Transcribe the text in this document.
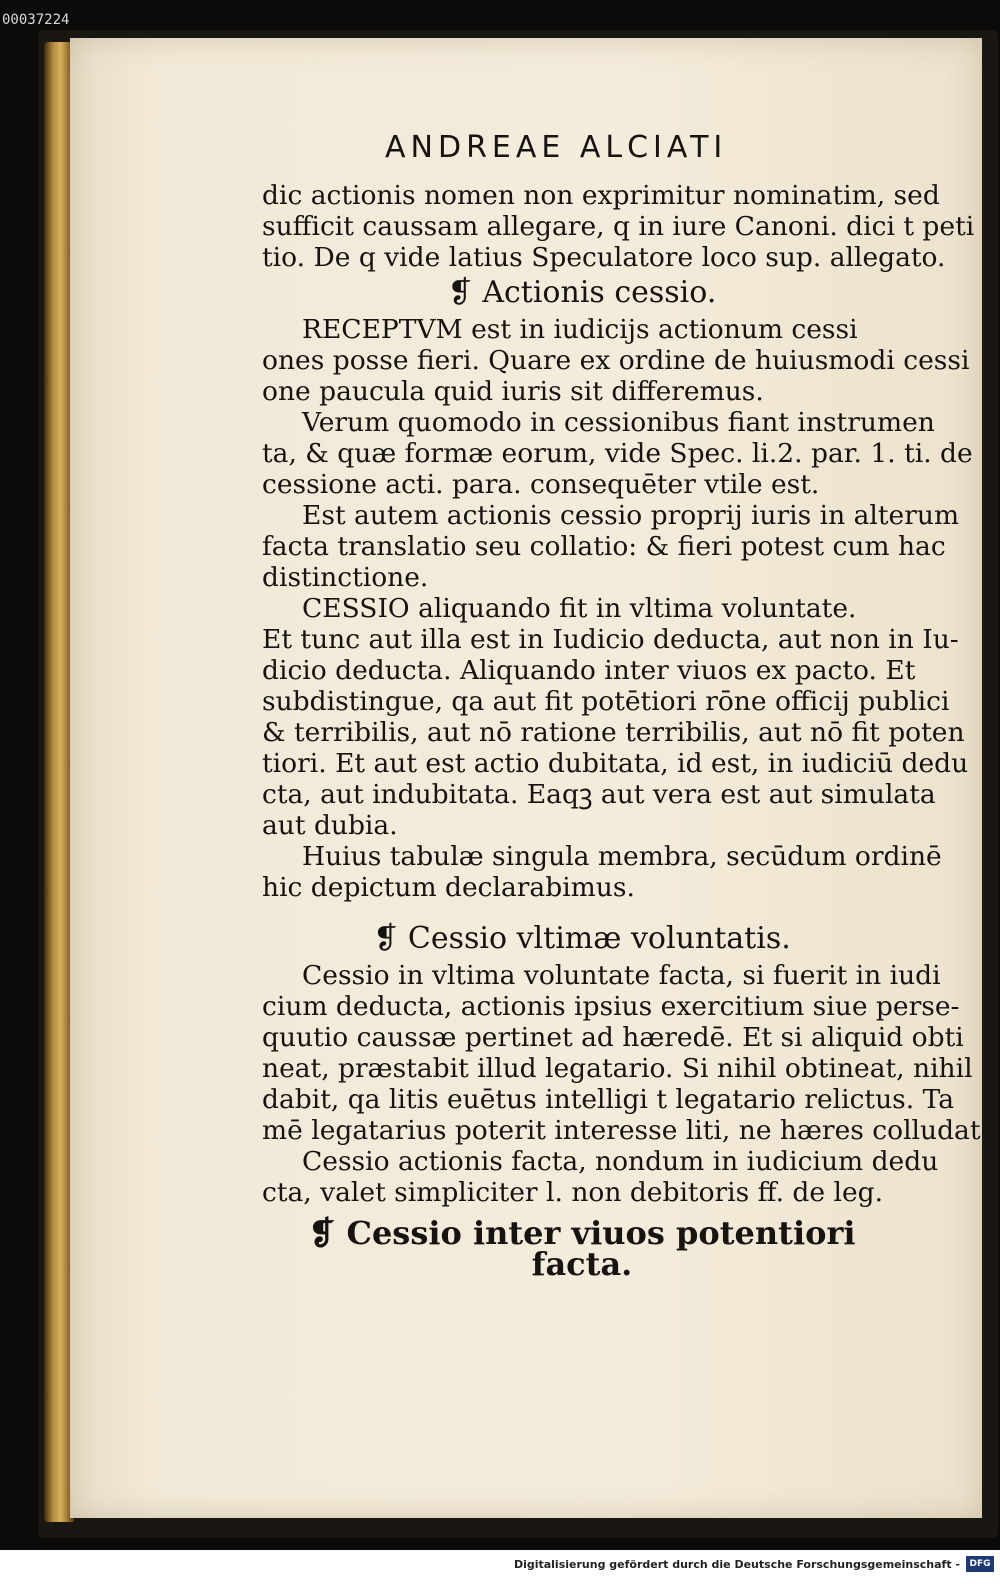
00037224
ANDREAE ALCIATI
dic actionis nomen non exprimitur nominatim, sed
sufficit caussam allegare, q in iure Canoni. dici t peti
tio. De q vide latius Speculatore loco sup. allegato.
❡ Actionis cessio.
RECEPTVM est in iudicijs actionum cessi
ones posse fieri. Quare ex ordine de huiusmodi cessi
one paucula quid iuris sit differemus.
Verum quomodo in cessionibus fiant instrumen
ta, & quæ formæ eorum, vide Spec. li.2. par. 1. ti. de
cessione acti. para. consequēter vtile est.
Est autem actionis cessio proprij iuris in alterum
facta translatio seu collatio: & fieri potest cum hac
distinctione.
CESSIO aliquando fit in vltima voluntate.
Et tunc aut illa est in Iudicio deducta, aut non in Iu-
dicio deducta. Aliquando inter viuos ex pacto. Et
subdistingue, qa aut fit potētiori rōne officij publici
& terribilis, aut nō ratione terribilis, aut nō fit poten
tiori. Et aut est actio dubitata, id est, in iudiciū dedu
cta, aut indubitata. Eaqꝫ aut vera est aut simulata
aut dubia.
Huius tabulæ singula membra, secūdum ordinē
hic depictum declarabimus.
❡ Cessio vltimæ voluntatis.
Cessio in vltima voluntate facta, si fuerit in iudi
cium deducta, actionis ipsius exercitium siue perse-
quutio caussæ pertinet ad hæredē. Et si aliquid obti
neat, præstabit illud legatario. Si nihil obtineat, nihil
dabit, qa litis euētus intelligi t legatario relictus. Ta
mē legatarius poterit interesse liti, ne hæres colludat
Cessio actionis facta, nondum in iudicium dedu
cta, valet simpliciter l. non debitoris ff. de leg.
❡ Cessio inter viuos potentiori facta.
Digitalisierung gefördert durch die Deutsche Forschungsgemeinschaft -	DFG
